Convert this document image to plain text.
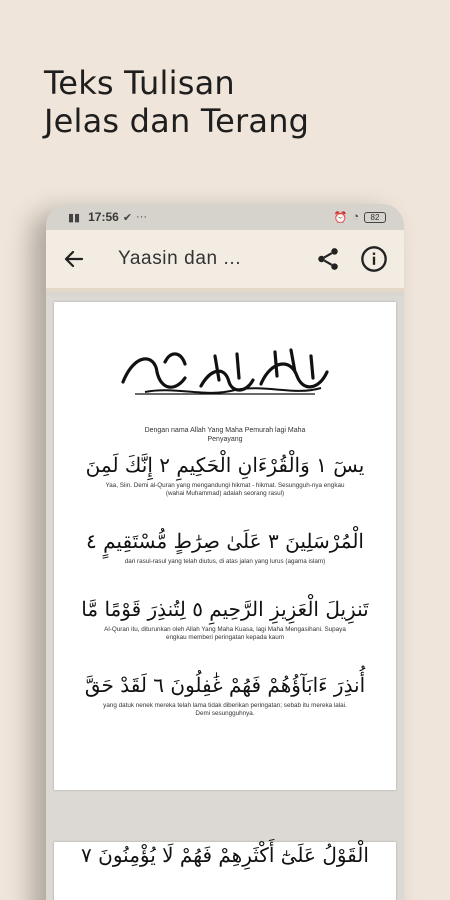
Teks Tulisan
Jelas dan Terang
▮▮ 17:56 ✔ ···	⏰ ◔	82
Yaasin dan ...
Dengan nama Allah Yang Maha Pemurah lagi Maha Penyayang
يسٓ ١ وَالْقُرْءَانِ الْحَكِيمِ ٢ إِنَّكَ لَمِنَ
Yaa, Siin. Demi al-Quran yang mengandungi hikmat - hikmat. Sesungguh-nya engkau (wahai Muhammad) adalah seorang rasul)
الْمُرْسَلِينَ ٣ عَلَىٰ صِرَٰطٍ مُّسْتَقِيمٍ ٤
dari rasul-rasul yang telah diutus, di atas jalan yang lurus (agama islam)
تَنزِيلَ الْعَزِيزِ الرَّحِيمِ ٥ لِتُنذِرَ قَوْمًا مَّا
Al-Quran itu, diturunkan oleh Allah Yang Maha Kuasa, lagi Maha Mengasihani. Supaya engkau memberi peringatan kepada kaum
أُنذِرَ ءَابَآؤُهُمْ فَهُمْ غَٰفِلُونَ ٦ لَقَدْ حَقَّ
yang datuk nenek mereka telah lama tidak diberikan peringatan; sebab itu mereka lalai. Demi sesungguhnya.
الْقَوْلُ عَلَىٰٓ أَكْثَرِهِمْ فَهُمْ لَا يُؤْمِنُونَ ٧
